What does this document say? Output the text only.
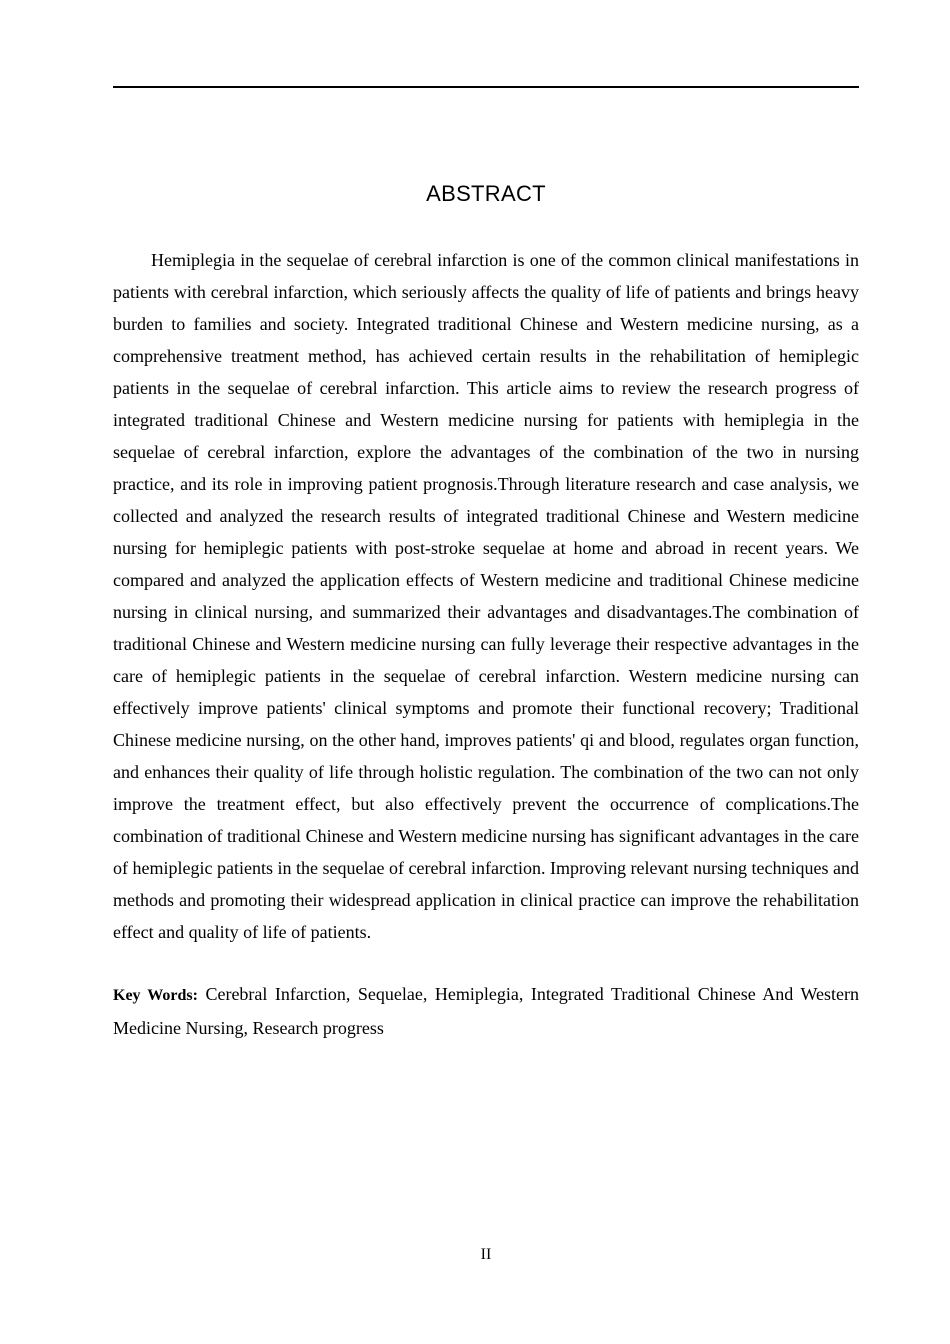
ABSTRACT

Hemiplegia in the sequelae of cerebral infarction is one of the common clinical manifestations in patients with cerebral infarction, which seriously affects the quality of life of patients and brings heavy burden to families and society. Integrated traditional Chinese and Western medicine nursing, as a comprehensive treatment method, has achieved certain results in the rehabilitation of hemiplegic patients in the sequelae of cerebral infarction. This article aims to review the research progress of integrated traditional Chinese and Western medicine nursing for patients with hemiplegia in the sequelae of cerebral infarction, explore the advantages of the combination of the two in nursing practice, and its role in improving patient prognosis.Through literature research and case analysis, we collected and analyzed the research results of integrated traditional Chinese and Western medicine nursing for hemiplegic patients with post-stroke sequelae at home and abroad in recent years. We compared and analyzed the application effects of Western medicine and traditional Chinese medicine nursing in clinical nursing, and summarized their advantages and disadvantages.The combination of traditional Chinese and Western medicine nursing can fully leverage their respective advantages in the care of hemiplegic patients in the sequelae of cerebral infarction. Western medicine nursing can effectively improve patients' clinical symptoms and promote their functional recovery; Traditional Chinese medicine nursing, on the other hand, improves patients' qi and blood, regulates organ function, and enhances their quality of life through holistic regulation. The combination of the two can not only improve the treatment effect, but also effectively prevent the occurrence of complications.The combination of traditional Chinese and Western medicine nursing has significant advantages in the care of hemiplegic patients in the sequelae of cerebral infarction. Improving relevant nursing techniques and methods and promoting their widespread application in clinical practice can improve the rehabilitation effect and quality of life of patients.

Key Words: Cerebral Infarction, Sequelae, Hemiplegia, Integrated Traditional Chinese And Western Medicine Nursing, Research progress

II
